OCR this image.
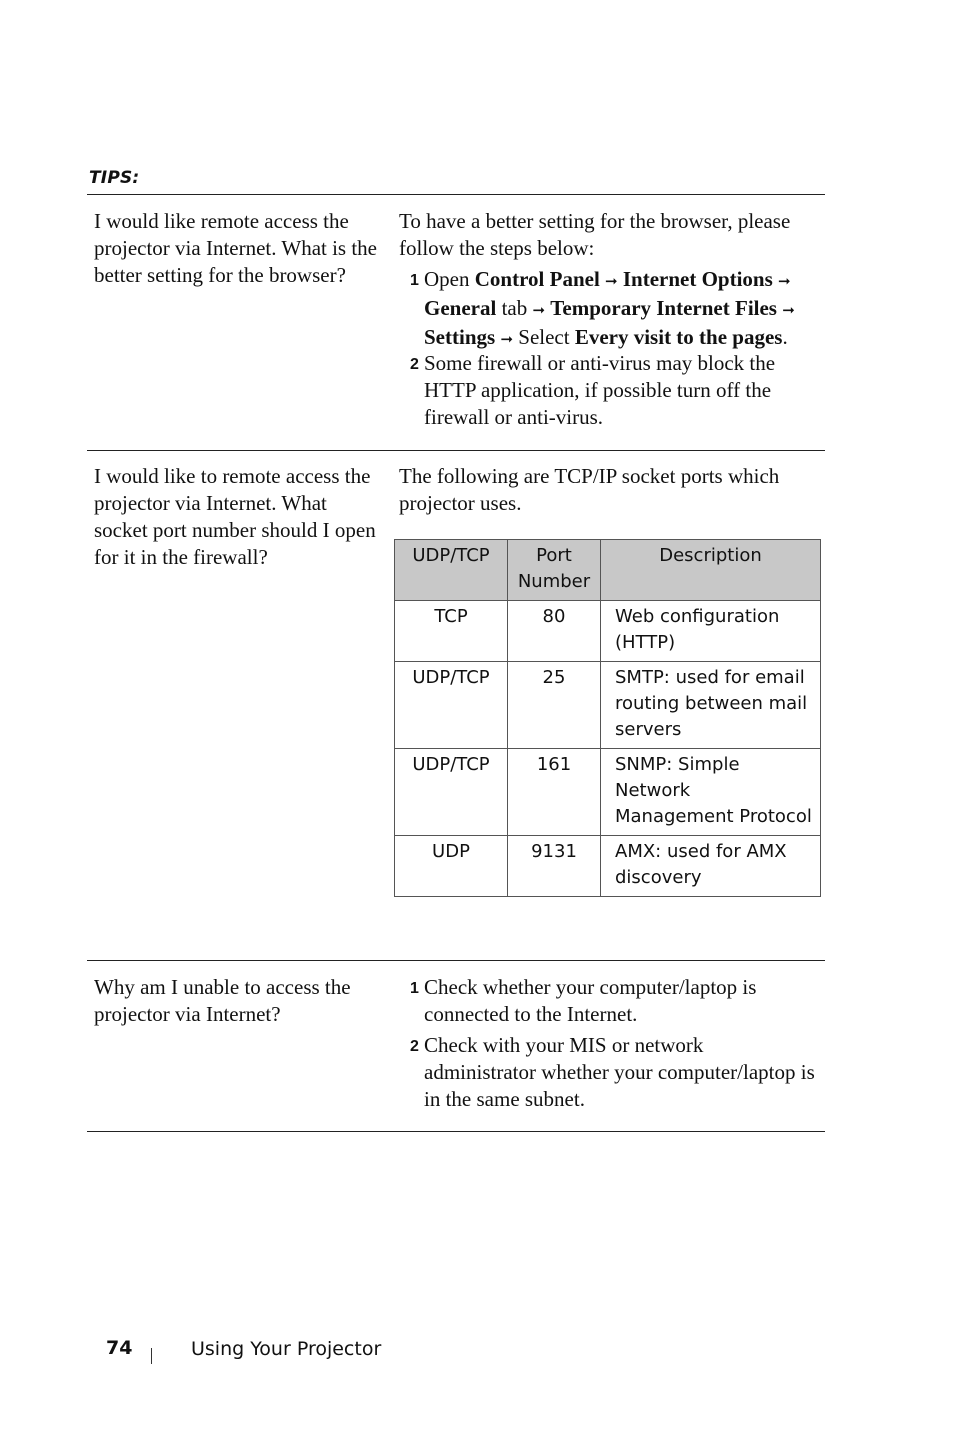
TIPS:
I would like remote access the projector via Internet. What is the better setting for the browser?
To have a better setting for the browser, please follow the steps below:
1 Open Control Panel ➞ Internet Options ➞ General tab ➞ Temporary Internet Files ➞ Settings ➞ Select Every visit to the pages.
2 Some firewall or anti-virus may block the HTTP application, if possible turn off the firewall or anti-virus.
I would like to remote access the projector via Internet. What socket port number should I open for it in the firewall?
The following are TCP/IP socket ports which projector uses.
UDP/TCP	Port Number	Description
TCP	80	Web configuration (HTTP)
UDP/TCP	25	SMTP: used for email routing between mail servers
UDP/TCP	161	SNMP: Simple Network Management Protocol
UDP	9131	AMX: used for AMX discovery
Why am I unable to access the projector via Internet?
1 Check whether your computer/laptop is connected to the Internet.
2 Check with your MIS or network administrator whether your computer/laptop is in the same subnet.
74	Using Your Projector
